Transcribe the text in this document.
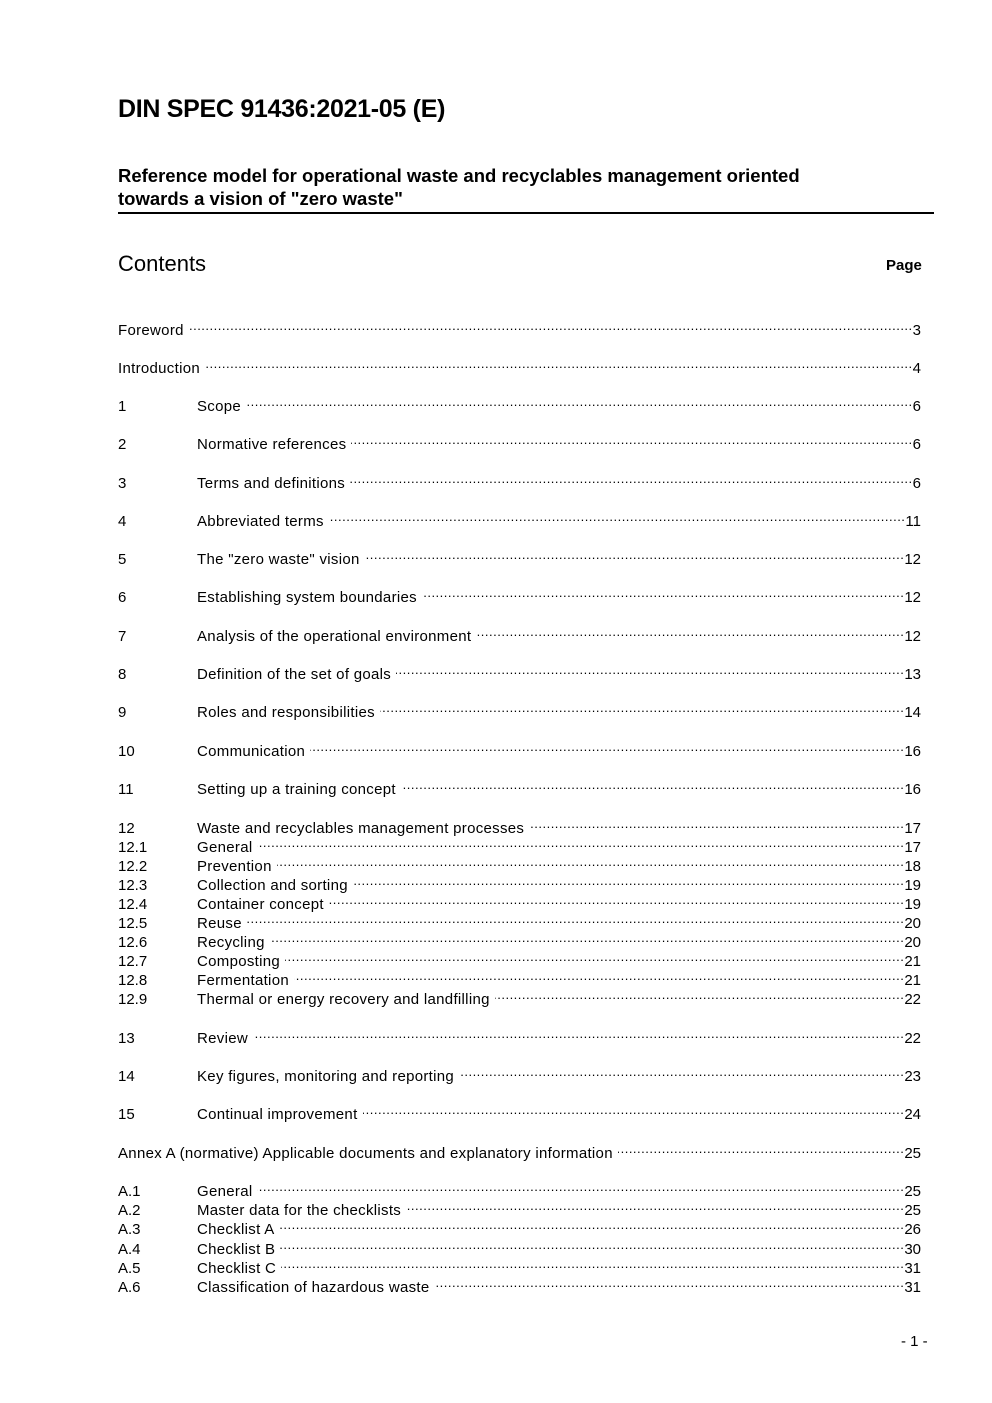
DIN SPEC 91436:2021-05 (E)
Reference model for operational waste and recyclables management oriented
towards a vision of "zero waste"
Contents	Page
Foreword .....	3
Introduction .....	4
1	Scope .....	6
2	Normative references .....	6
3	Terms and definitions .....	6
4	Abbreviated terms .....	11
5	The "zero waste" vision .....	12
6	Establishing system boundaries .....	12
7	Analysis of the operational environment .....	12
8	Definition of the set of goals .....	13
9	Roles and responsibilities .....	14
10	Communication .....	16
11	Setting up a training concept .....	16
12	Waste and recyclables management processes .....	17
12.1	General .....	17
12.2	Prevention .....	18
12.3	Collection and sorting .....	19
12.4	Container concept .....	19
12.5	Reuse .....	20
12.6	Recycling .....	20
12.7	Composting .....	21
12.8	Fermentation .....	21
12.9	Thermal or energy recovery and landfilling .....	22
13	Review .....	22
14	Key figures, monitoring and reporting .....	23
15	Continual improvement .....	24
Annex A (normative) Applicable documents and explanatory information .....	25
A.1	General .....	25
A.2	Master data for the checklists .....	25
A.3	Checklist A .....	26
A.4	Checklist B .....	30
A.5	Checklist C .....	31
A.6	Classification of hazardous waste .....	31
- 1 -
